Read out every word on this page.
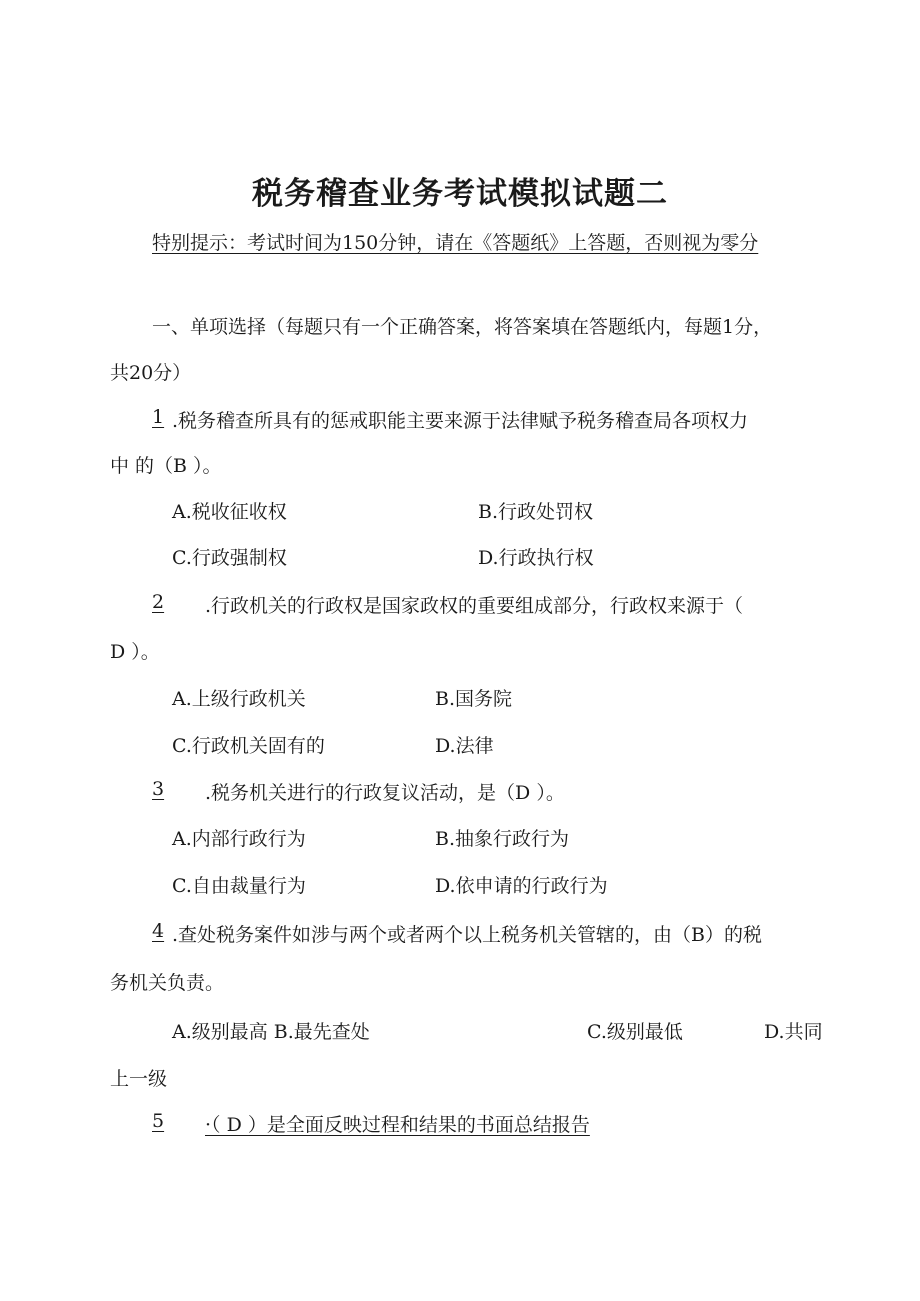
税务稽查业务考试模拟试题二
特别提示：考试时间为150分钟，请在《答题纸》上答题，否则视为零分
一、单项选择（每题只有一个正确答案，将答案填在答题纸内，每题1分，
共20分）
1 .税务稽查所具有的惩戒职能主要来源于法律赋予税务稽查局各项权力
中 的（B ）。
A.税收征收权	B.行政处罚权
C.行政强制权	D.行政执行权
2 .行政机关的行政权是国家政权的重要组成部分，行政权来源于（
D ）。
A.上级行政机关	B.国务院
C.行政机关固有的	D.法律
3 .税务机关进行的行政复议活动，是（D ）。
A.内部行政行为	B.抽象行政行为
C.自由裁量行为	D.依申请的行政行为
4 .查处税务案件如涉与两个或者两个以上税务机关管辖的，由（B）的税
务机关负责。
A.级别最高 B.最先查处	C.级别最低	D.共同
上一级
5 ·（ D ）是全面反映过程和结果的书面总结报告
